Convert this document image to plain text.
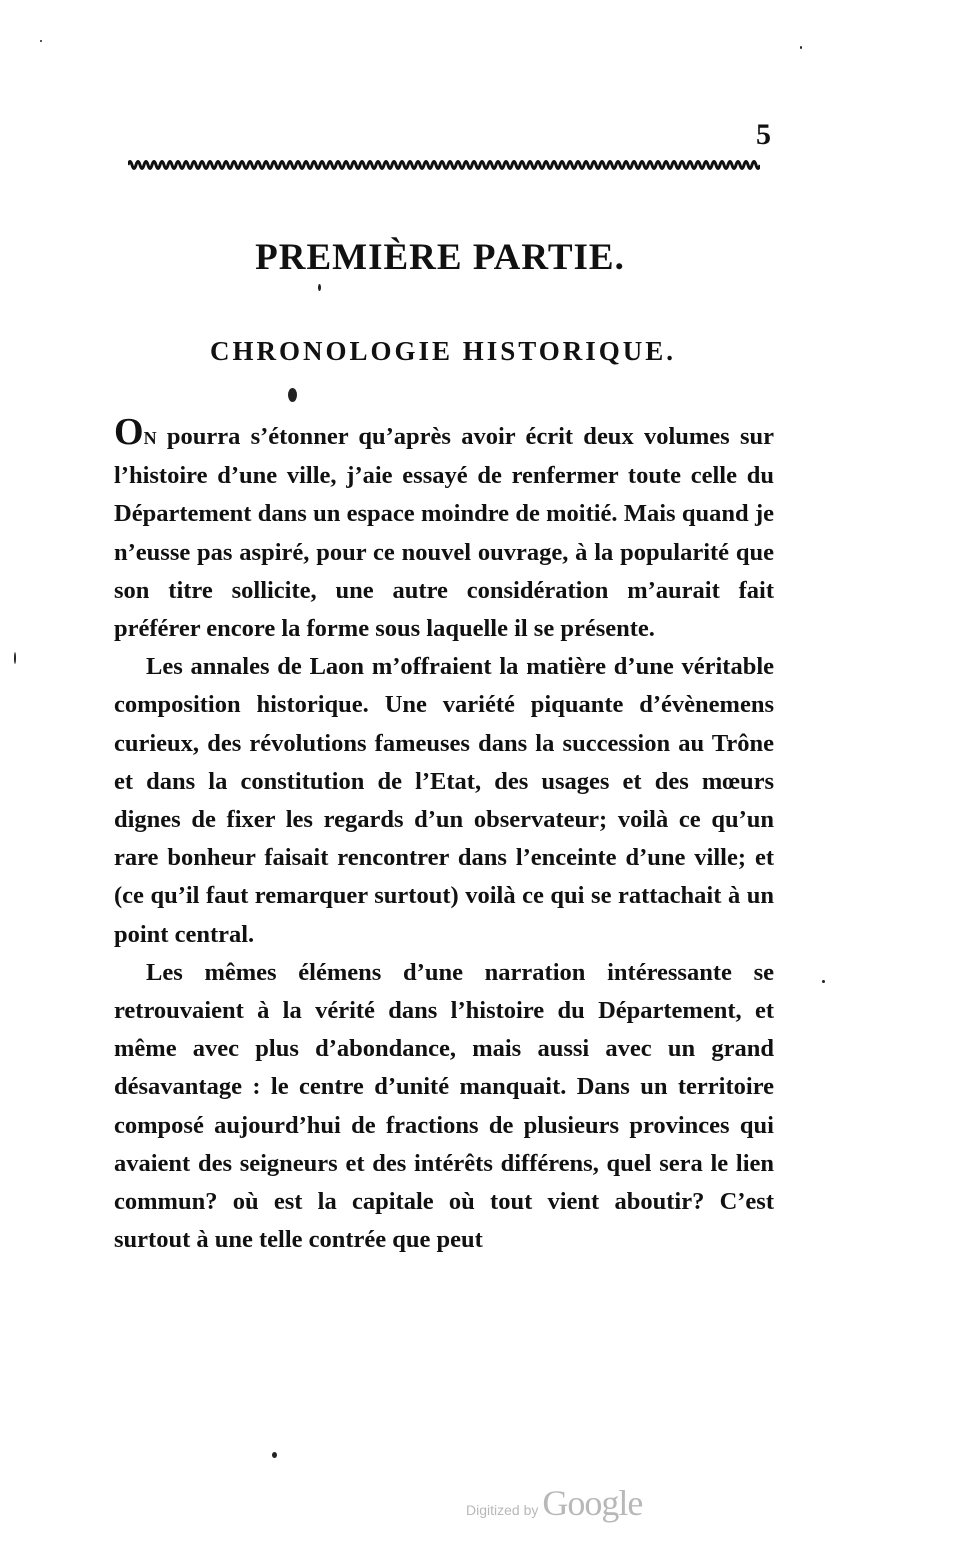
5
PREMIÈRE PARTIE.
CHRONOLOGIE HISTORIQUE.

ON pourra s’étonner qu’après avoir écrit deux volumes sur l’histoire d’une ville, j’aie essayé de renfermer toute celle du Département dans un espace moindre de moitié. Mais quand je n’eusse pas aspiré, pour ce nouvel ouvrage, à la popularité que son titre sollicite, une autre considération m’aurait fait préférer encore la forme sous laquelle il se présente.

Les annales de Laon m’offraient la matière d’une véritable composition historique. Une variété piquante d’évènemens curieux, des révolutions fameuses dans la succession au Trône et dans la constitution de l’Etat, des usages et des mœurs dignes de fixer les regards d’un observateur; voilà ce qu’un rare bonheur faisait rencontrer dans l’enceinte d’une ville; et (ce qu’il faut remarquer surtout) voilà ce qui se rattachait à un point central.

Les mêmes élémens d’une narration intéressante se retrouvaient à la vérité dans l’histoire du Département, et même avec plus d’abondance, mais aussi avec un grand désavantage : le centre d’unité manquait. Dans un territoire composé aujourd’hui de fractions de plusieurs provinces qui avaient des seigneurs et des intérêts différens, quel sera le lien commun? où est la capitale où tout vient aboutir? C’est surtout à une telle contrée que peut

Digitized by Google
